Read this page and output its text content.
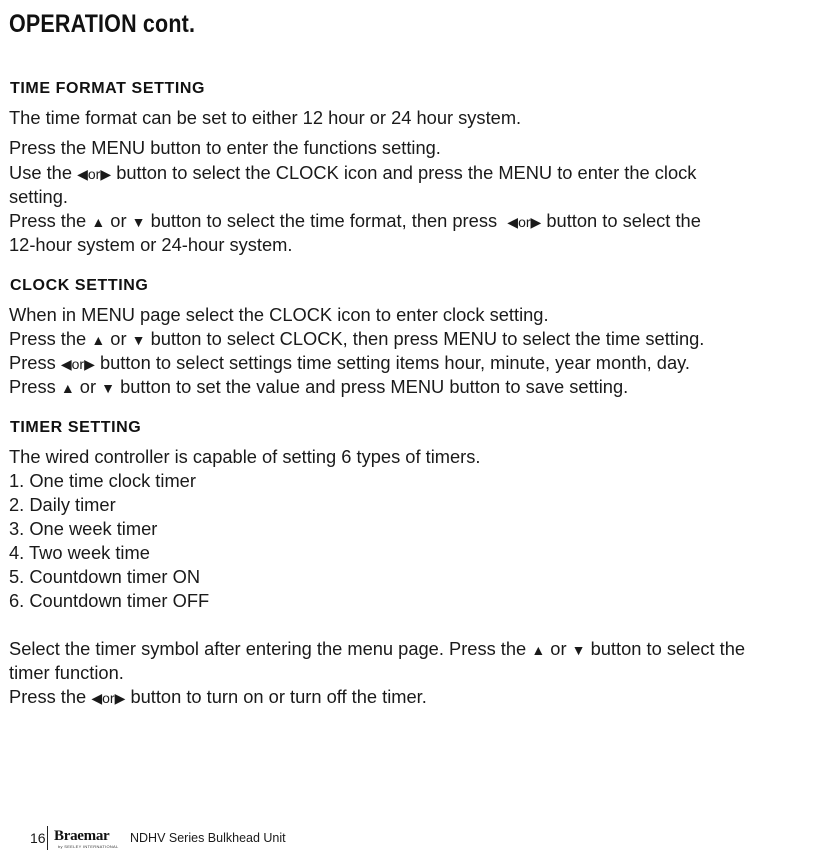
OPERATION cont.
TIME FORMAT SETTING
The time format can be set to either 12 hour or 24 hour system.
Press the MENU button to enter the functions setting.
Use the ◀or▶ button to select the CLOCK icon and press the MENU to enter the clock
setting.
Press the ▲ or ▼ button to select the time format, then press ◀or▶ button to select the
12-hour system or 24-hour system.
CLOCK SETTING
When in MENU page select the CLOCK icon to enter clock setting.
Press the ▲ or ▼ button to select CLOCK, then press MENU to select the time setting.
Press ◀or▶ button to select settings time setting items hour, minute, year month, day.
Press ▲ or ▼ button to set the value and press MENU button to save setting.
TIMER SETTING
The wired controller is capable of setting 6 types of timers.
1. One time clock timer
2. Daily timer
3. One week timer
4. Two week time
5. Countdown timer ON
6. Countdown timer OFF
Select the timer symbol after entering the menu page. Press the ▲ or ▼ button to select the
timer function.
Press the ◀or▶ button to turn on or turn off the timer.
16 Braemar
by SEELEY INTERNATIONAL
NDHV Series Bulkhead Unit
